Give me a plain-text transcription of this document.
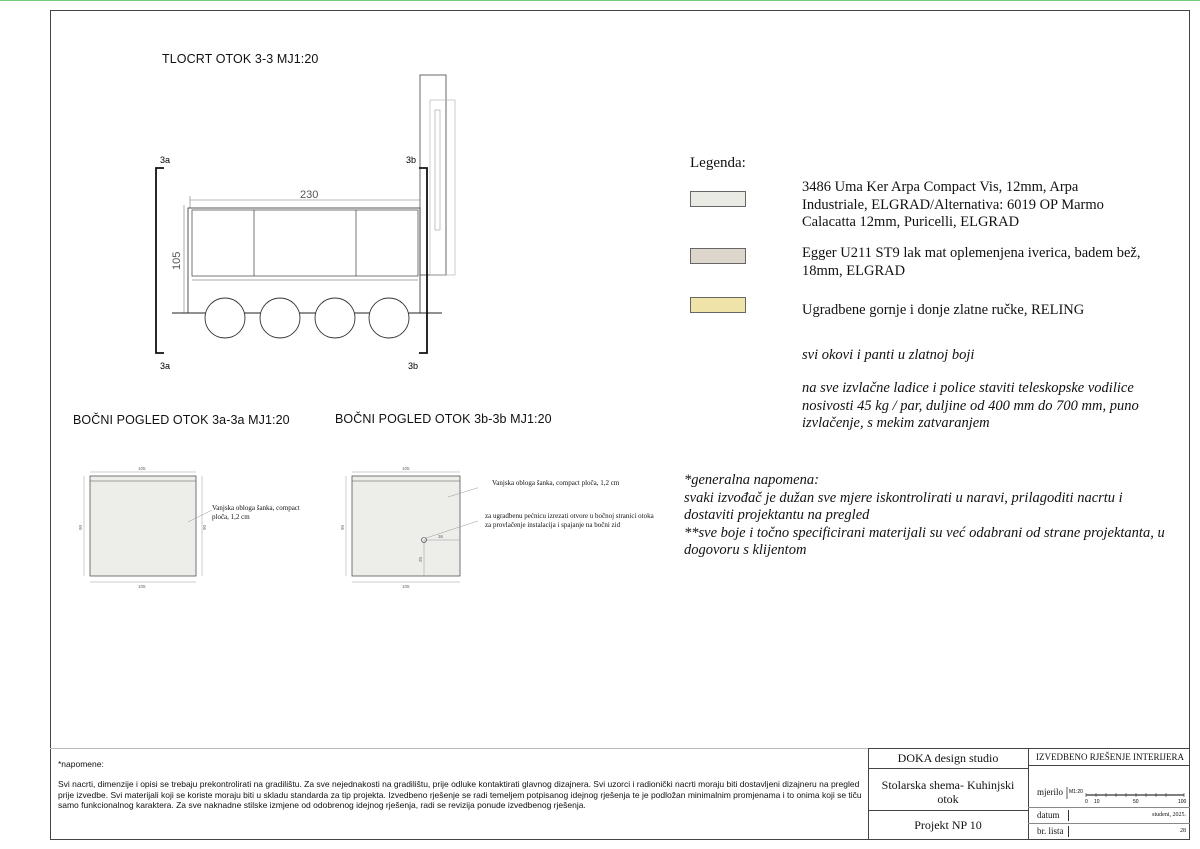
TLOCRT OTOK 3-3 MJ1:20
3a	3b
3a	3b
230
105
BOČNI POGLED OTOK 3a-3a MJ1:20	BOČNI POGLED OTOK 3b-3b MJ1:20
105
105
90	90
Vanjska obloga šanka, compact ploča, 1,2 cm
105
105
90
36
20
Vanjska obloga šanka, compact ploča, 1,2 cm
za ugradbenu pećnicu izrezati otvore u bočnoj stranici otoka za provlačenje instalacija i spajanje na bočni zid
Legenda:
3486 Uma Ker Arpa Compact Vis, 12mm, Arpa Industriale, ELGRAD/Alternativa: 6019 OP Marmo Calacatta 12mm, Puricelli, ELGRAD
Egger U211 ST9 lak mat oplemenjena iverica, badem bež, 18mm, ELGRAD
Ugradbene gornje i donje zlatne ručke, RELING
svi okovi i panti u zlatnoj boji
na sve izvlačne ladice i police staviti teleskopske vodilice nosivosti 45 kg / par, duljine od 400 mm do 700 mm, puno izvlačenje, s mekim zatvaranjem
*generalna napomena:
svaki izvođač je dužan sve mjere iskontrolirati u naravi, prilagoditi nacrtu i dostaviti projektantu na pregled
**sve boje i točno specificirani materijali su već odabrani od strane projektanta, u dogovoru s klijentom
*napomene:
Svi nacrti, dimenzije i opisi se trebaju prekontrolirati na gradilištu. Za sve nejednakosti na gradilištu, prije odluke kontaktirati glavnog dizajnera. Svi uzorci i radionički nacrti moraju biti dostavljeni dizajneru na pregled prije izvedbe. Svi materijali koji se koriste moraju biti u skladu standarda za tip projekta. Izvedbeno rješenje se radi temeljem potpisanog idejnog rješenja te je podložan minimalnim promjenama i to onima koji se tiču samo funkcionalnog karaktera. Za sve naknadne stilske izmjene od odobrenog idejnog rješenja, radi se revizija ponude izvedbenog rješenja.
DOKA design studio	IZVEDBENO RJEŠENJE INTERIJERA
Stolarska shema- Kuhinjski otok
Projekt NP 10
mjerilo M1:20
0 10	50	100
datum	studeni, 2025.
br. lista	28
